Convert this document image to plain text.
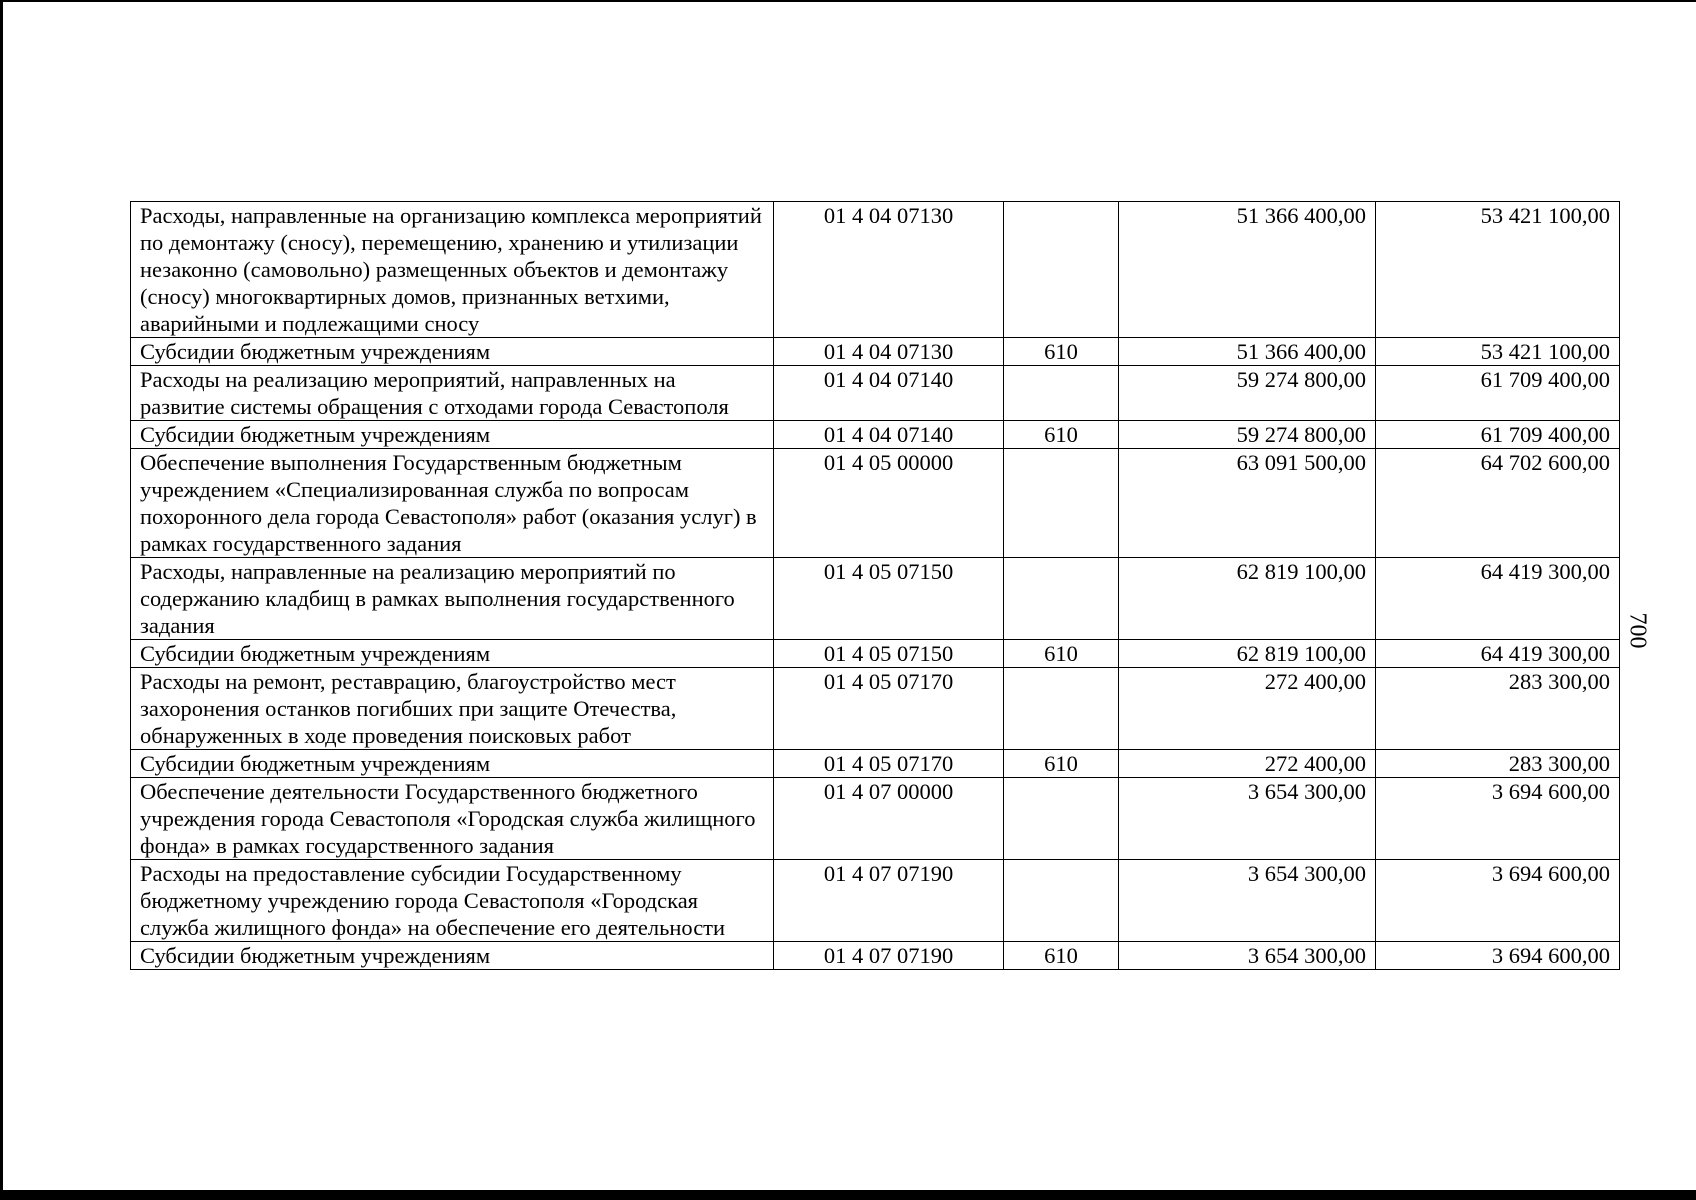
Расходы, направленные на организацию комплекса мероприятий по демонтажу (сносу), перемещению, хранению и утилизации незаконно (самовольно) размещенных объектов и демонтажу (сносу) многоквартирных домов, признанных ветхими, аварийными и подлежащими сносу	01 4 04 07130		51 366 400,00	53 421 100,00
Субсидии бюджетным учреждениям	01 4 04 07130	610	51 366 400,00	53 421 100,00
Расходы на реализацию мероприятий, направленных на развитие системы обращения с отходами города Севастополя	01 4 04 07140		59 274 800,00	61 709 400,00
Субсидии бюджетным учреждениям	01 4 04 07140	610	59 274 800,00	61 709 400,00
Обеспечение выполнения Государственным бюджетным учреждением «Специализированная служба по вопросам похоронного дела города Севастополя» работ (оказания услуг) в рамках государственного задания	01 4 05 00000		63 091 500,00	64 702 600,00
Расходы, направленные на реализацию мероприятий по содержанию кладбищ в рамках выполнения государственного задания	01 4 05 07150		62 819 100,00	64 419 300,00
Субсидии бюджетным учреждениям	01 4 05 07150	610	62 819 100,00	64 419 300,00
Расходы на ремонт, реставрацию, благоустройство мест захоронения останков погибших при защите Отечества, обнаруженных в ходе проведения поисковых работ	01 4 05 07170		272 400,00	283 300,00
Субсидии бюджетным учреждениям	01 4 05 07170	610	272 400,00	283 300,00
Обеспечение деятельности Государственного бюджетного учреждения города Севастополя «Городская служба жилищного фонда» в рамках государственного задания	01 4 07 00000		3 654 300,00	3 694 600,00
Расходы на предоставление субсидии Государственному бюджетному учреждению города Севастополя «Городская служба жилищного фонда» на обеспечение его деятельности	01 4 07 07190		3 654 300,00	3 694 600,00
Субсидии бюджетным учреждениям	01 4 07 07190	610	3 654 300,00	3 694 600,00
700
